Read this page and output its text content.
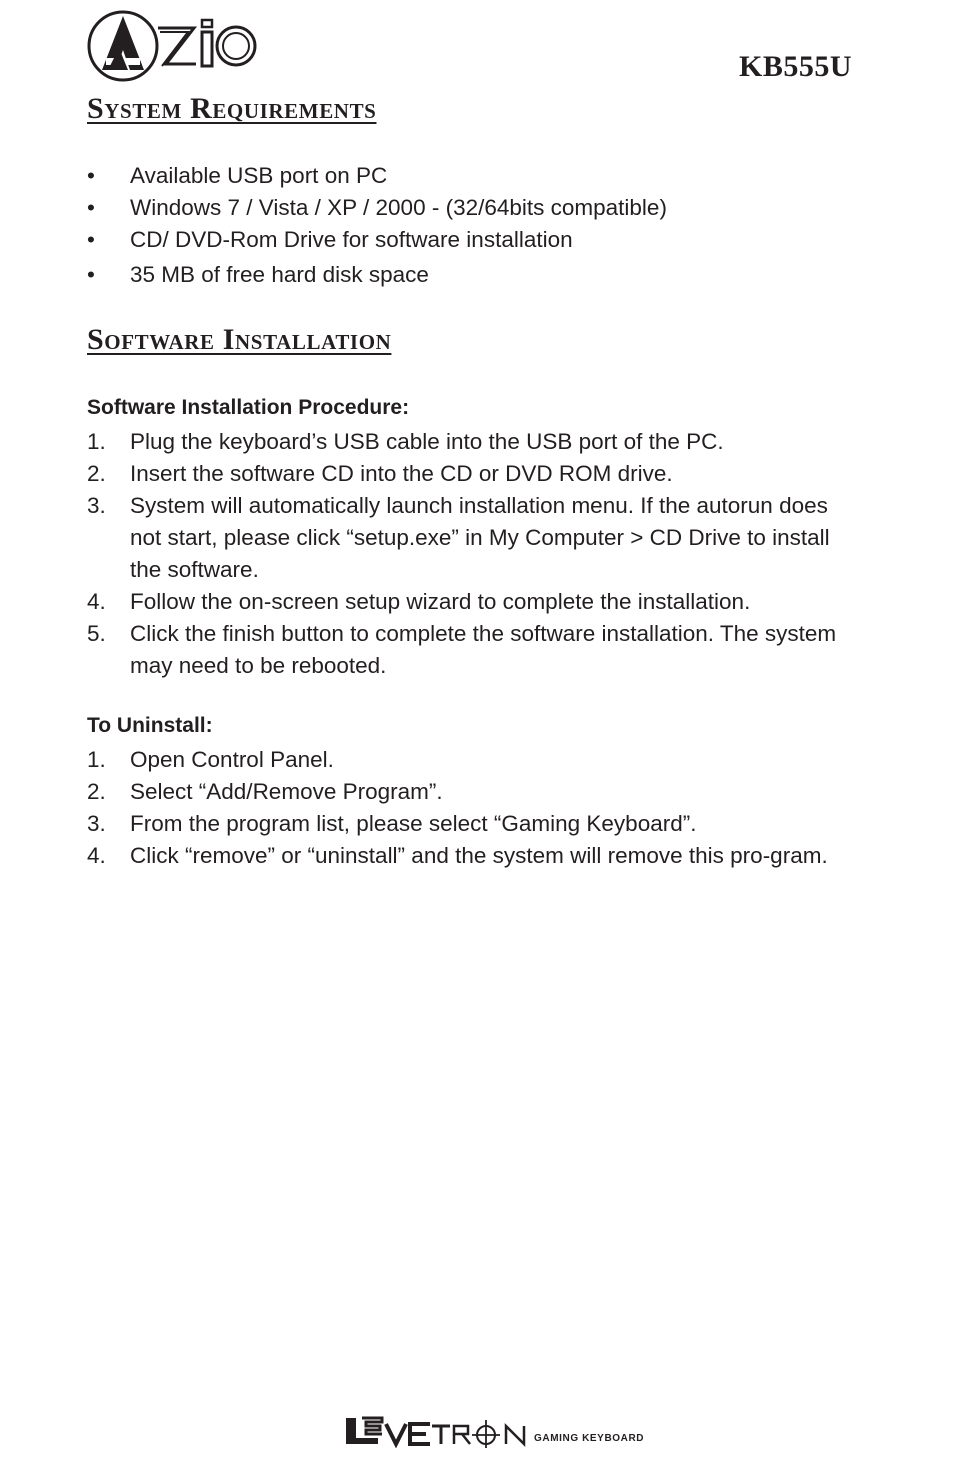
KB555U
System Requirements
• Available USB port on PC
• Windows 7 / Vista / XP / 2000 - (32/64bits compatible)
• CD/ DVD-Rom Drive for software installation
• 35 MB of free hard disk space
Software Installation
Software Installation Procedure:
1. Plug the keyboard’s USB cable into the USB port of the PC.
2. Insert the software CD into the CD or DVD ROM drive.
3. System will automatically launch installation menu. If the autorun does not start, please click “setup.exe” in My Computer > CD Drive to install the software.
4. Follow the on-screen setup wizard to complete the installation.
5. Click the finish button to complete the software installation. The system may need to be rebooted.
To Uninstall:
1. Open Control Panel.
2. Select “Add/Remove Program”.
3. From the program list, please select “Gaming Keyboard”.
4. Click “remove” or “uninstall” and the system will remove this pro-gram.
GAMING KEYBOARD
